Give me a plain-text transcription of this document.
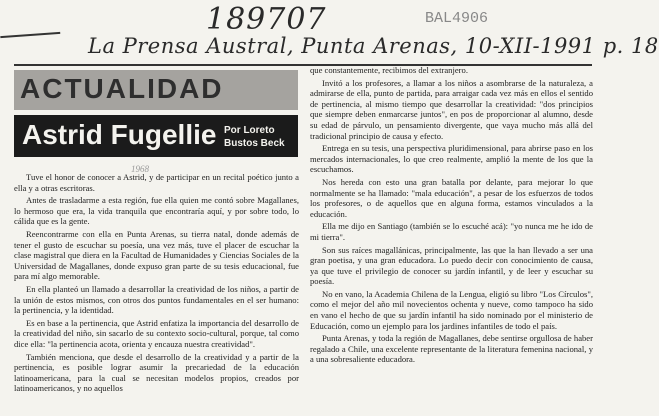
189707	BAL4906
La Prensa Austral, Punta Arenas, 10-XII-1991 p. 18
ACTUALIDAD
Astrid Fugellie Por Loreto
Bustos Beck
1968

Tuve el honor de conocer a Astrid, y de participar en un recital poético junto a ella y a otras escritoras.

Antes de trasladarme a esta región, fue ella quien me contó sobre Magallanes, lo hermoso que era, la vida tranquila que encontraría aquí, y por sobre todo, lo cálida que es la gente.

Reencontrarme con ella en Punta Arenas, su tierra natal, donde además de tener el gusto de escuchar su poesía, una vez más, tuve el placer de escuchar la clase magistral que diera en la Facultad de Humanidades y Ciencias Sociales de la Universidad de Magallanes, donde expuso gran parte de su tesis educacional, fue para mí algo memorable.

En ella planteó un llamado a desarrollar la creatividad de los niños, a partir de la unión de estos mismos, con otros dos puntos fundamentales en el ser humano: la pertinencia, y la identidad.

Es en base a la pertinencia, que Astrid enfatiza la importancia del desarrollo de la creatividad del niño, sin sacarlo de su contexto socio-cultural, porque, tal como dice ella: "la pertinencia acota, orienta y encauza nuestra creatividad".

También menciona, que desde el desarrollo de la creatividad y a partir de la pertinencia, es posible lograr asumir la precariedad de la educación latinoamericana, para la cual se necesitan modelos propios, creados por latinoamericanos, y no aquellos

que constantemente, recibimos del extranjero.

Invitó a los profesores, a llamar a los niños a asombrarse de la naturaleza, a admirarse de ella, punto de partida, para arraigar cada vez más en ellos el sentido de pertinencia, al mismo tiempo que desarrollar la creatividad: "dos principios que siempre deben enmarcarse juntos", en pos de proporcionar al alumno, desde su edad de párvulo, un pensamiento divergente, que vaya mucho más allá del tradicional principio de causa y efecto.

Entrega en su tesis, una perspectiva pluridimensional, para abrirse paso en los mercados internacionales, lo que creo realmente, amplió la mente de los que la escuchamos.

Nos hereda con esto una gran batalla por delante, para mejorar lo que normalmente se ha llamado: "mala educación", a pesar de los esfuerzos de todos los profesores, o de aquellos que en alguna forma, estamos vinculados a la educación.

Ella me dijo en Santiago (también se lo escuché acá): "yo nunca me he ido de mi tierra".

Son sus raíces magallánicas, principalmente, las que la han llevado a ser una gran poetisa, y una gran educadora. Lo puedo decir con conocimiento de causa, ya que tuve el privilegio de conocer su jardín infantil, y de leer y escuchar su poesía.

No en vano, la Academia Chilena de la Lengua, eligió su libro "Los Círculos", como el mejor del año mil novecientos ochenta y nueve, como tampoco ha sido en vano el hecho de que su jardín infantil ha sido nominado por el ministerio de Educación, como un ejemplo para los jardines infantiles de todo el país.

Punta Arenas, y toda la región de Magallanes, debe sentirse orgullosa de haber regalado a Chile, una excelente representante de la literatura femenina nacional, y a una sobresaliente educadora.
